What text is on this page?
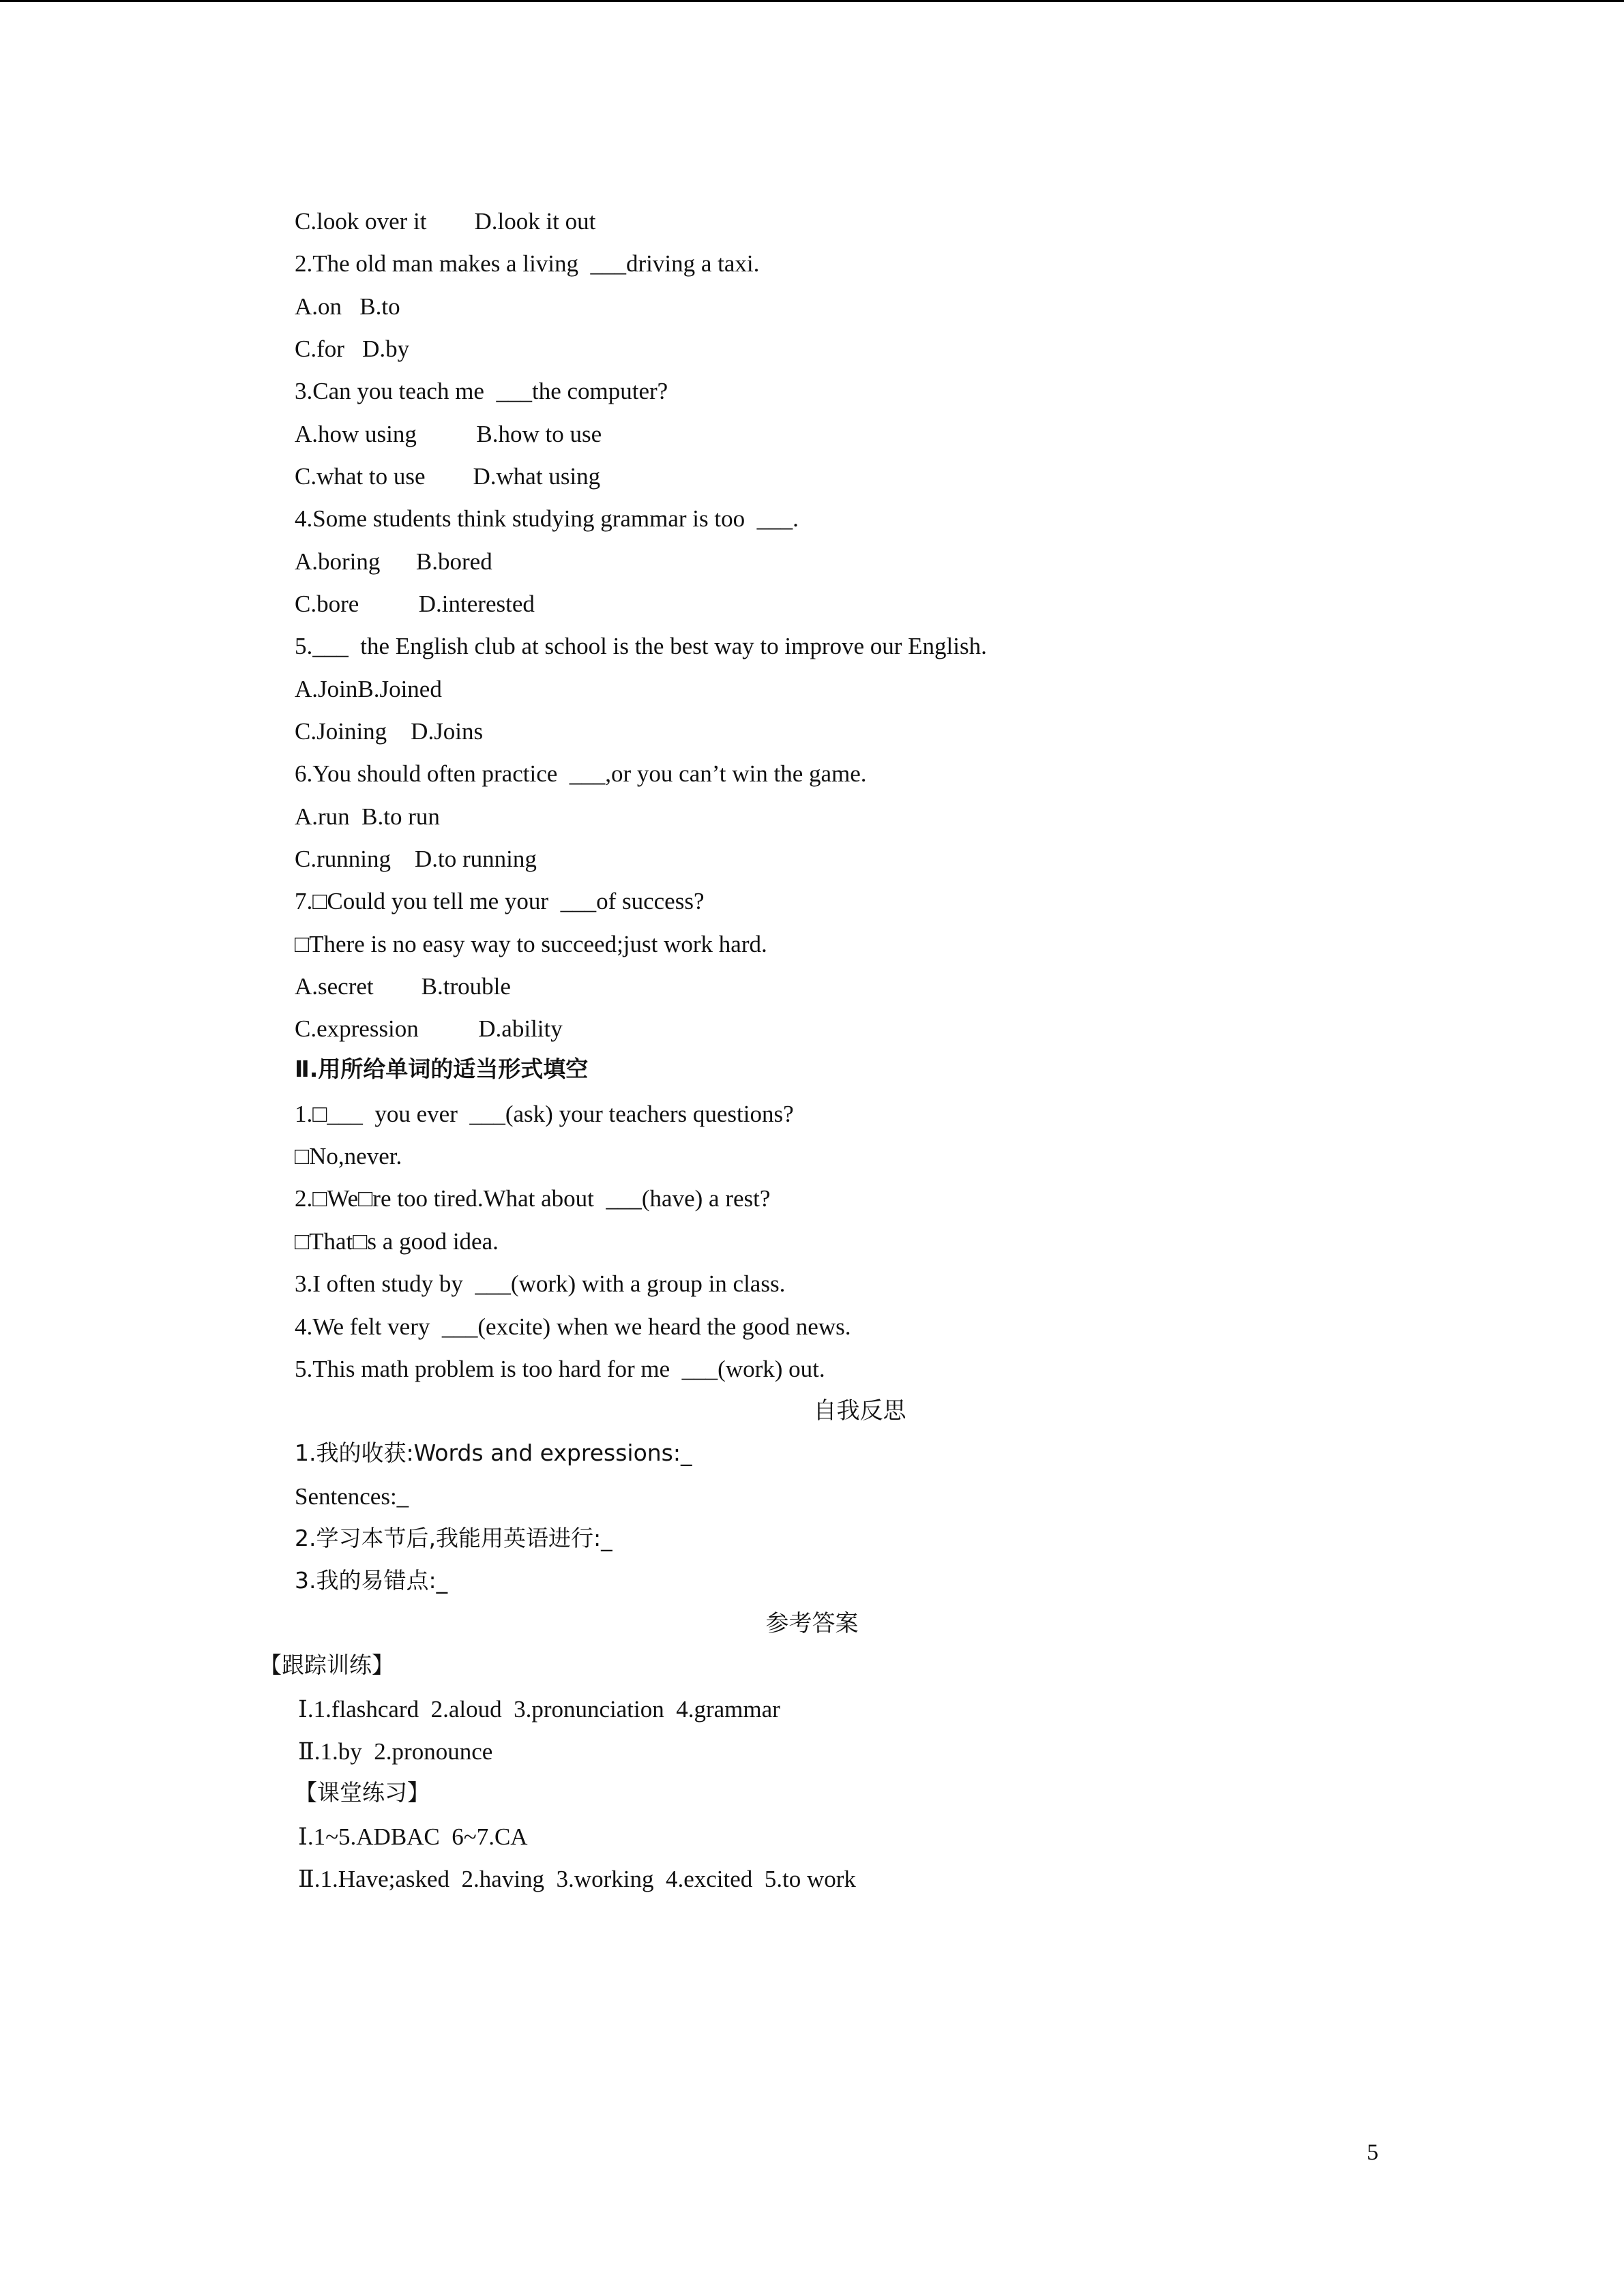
C.look over it        D.look it out
2.The old man makes a living  ___driving a taxi.
A.on   B.to
C.for   D.by
3.Can you teach me  ___the computer?
A.how using          B.how to use
C.what to use        D.what using
4.Some students think studying grammar is too  ___.
A.boring      B.bored
C.bore          D.interested
5.___  the English club at school is the best way to improve our English.
A.JoinB.Joined
C.Joining    D.Joins
6.You should often practice  ___,or you can’t win the game.
A.run  B.to run
C.running    D.to running
7.□Could you tell me your  ___of success?
□There is no easy way to succeed;just work hard.
A.secret        B.trouble
C.expression          D.ability
Ⅱ.用所给单词的适当形式填空
1.□___  you ever  ___(ask) your teachers questions?
□No,never.
2.□We□re too tired.What about  ___(have) a rest?
□That□s a good idea.
3.I often study by  ___(work) with a group in class.
4.We felt very  ___(excite) when we heard the good news.
5.This math problem is too hard for me  ___(work) out.
自我反思
1.我的收获:Words and expressions:_
Sentences:_
2.学习本节后,我能用英语进行:_
3.我的易错点:_
参考答案
【跟踪训练】
Ⅰ.1.flashcard  2.aloud  3.pronunciation  4.grammar
Ⅱ.1.by  2.pronounce
【课堂练习】
Ⅰ.1~5.ADBAC  6~7.CA
Ⅱ.1.Have;asked  2.having  3.working  4.excited  5.to work
5
